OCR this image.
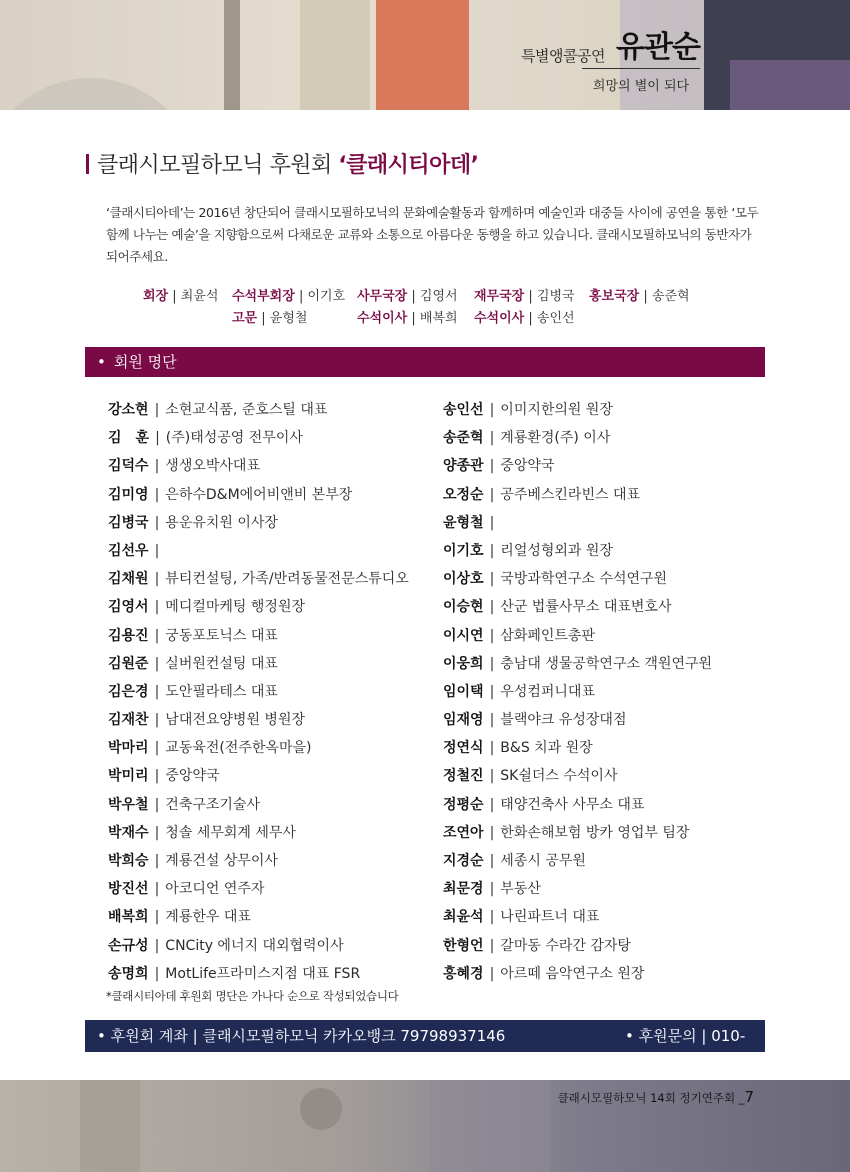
특별앵콜공연 유관순
희망의 별이 되다
클래시모필하모닉 후원회 ‘클래시티아데’
‘클래시티아데’는 2016년 창단되어 클래시모필하모닉의 문화예술활동과 함께하며 예술인과 대중들 사이에 공연을 통한 ‘모두 함께 나누는 예술’을 지향함으로써 다채로운 교류와 소통으로 아름다운 동행을 하고 있습니다. 클래시모필하모닉의 동반자가 되어주세요.
회장 | 최윤석 수석부회장 | 이기호 사무국장 | 김영서 재무국장 | 김병국 홍보국장 | 송준혁
고문 | 윤형철	수석이사 | 배복희 수석이사 | 송인선
• 회원 명단
강소현 | 소현교식품, 준호스틸 대표
김　훈 | (주)태성공영 전무이사
김덕수 | 생생오박사대표
김미영 | 은하수D&M에어비앤비 본부장
김병국 | 용운유치원 이사장
김선우 |
김채원 | 뷰티컨설팅, 가족/반려동물전문스튜디오
김영서 | 메디컬마케팅 행정원장
김용진 | 궁동포토닉스 대표
김원준 | 실버원컨설팅 대표
김은경 | 도안필라테스 대표
김재찬 | 남대전요양병원 병원장
박마리 | 교동육전(전주한옥마을)
박미리 | 중앙약국
박우철 | 건축구조기술사
박재수 | 청솔 세무회계 세무사
박희승 | 계룡건설 상무이사
방진선 | 아코디언 연주자
배복희 | 계룡한우 대표
손규성 | CNCity 에너지 대외협력이사
송명희 | MotLife프라미스지점 대표 FSR
송인선 | 이미지한의원 원장
송준혁 | 계룡환경(주) 이사
양종관 | 중앙약국
오정순 | 공주베스킨라빈스 대표
윤형철 |
이기호 | 리얼성형외과 원장
이상호 | 국방과학연구소 수석연구원
이승현 | 산군 법률사무소 대표변호사
이시연 | 삼화페인트총판
이웅희 | 충남대 생물공학연구소 객원연구원
임이택 | 우성컴퍼니대표
임재영 | 블랙야크 유성장대점
정연식 | B&S 치과 원장
정철진 | SK쉴더스 수석이사
정평순 | 태양건축사 사무소 대표
조연아 | 한화손해보험 방카 영업부 팀장
지경순 | 세종시 공무원
최문경 | 부동산
최윤석 | 나린파트너 대표
한형언 | 갈마동 수라간 감자탕
홍혜경 | 아르떼 음악연구소 원장
*클래시티아데 후원회 명단은 가나다 순으로 작성되었습니다
• 후원회 계좌 | 클래시모필하모닉 카카오뱅크 79798937146	• 후원문의 | 010-7585-4870
클래시모필하모닉 14회 정기연주회 _7
